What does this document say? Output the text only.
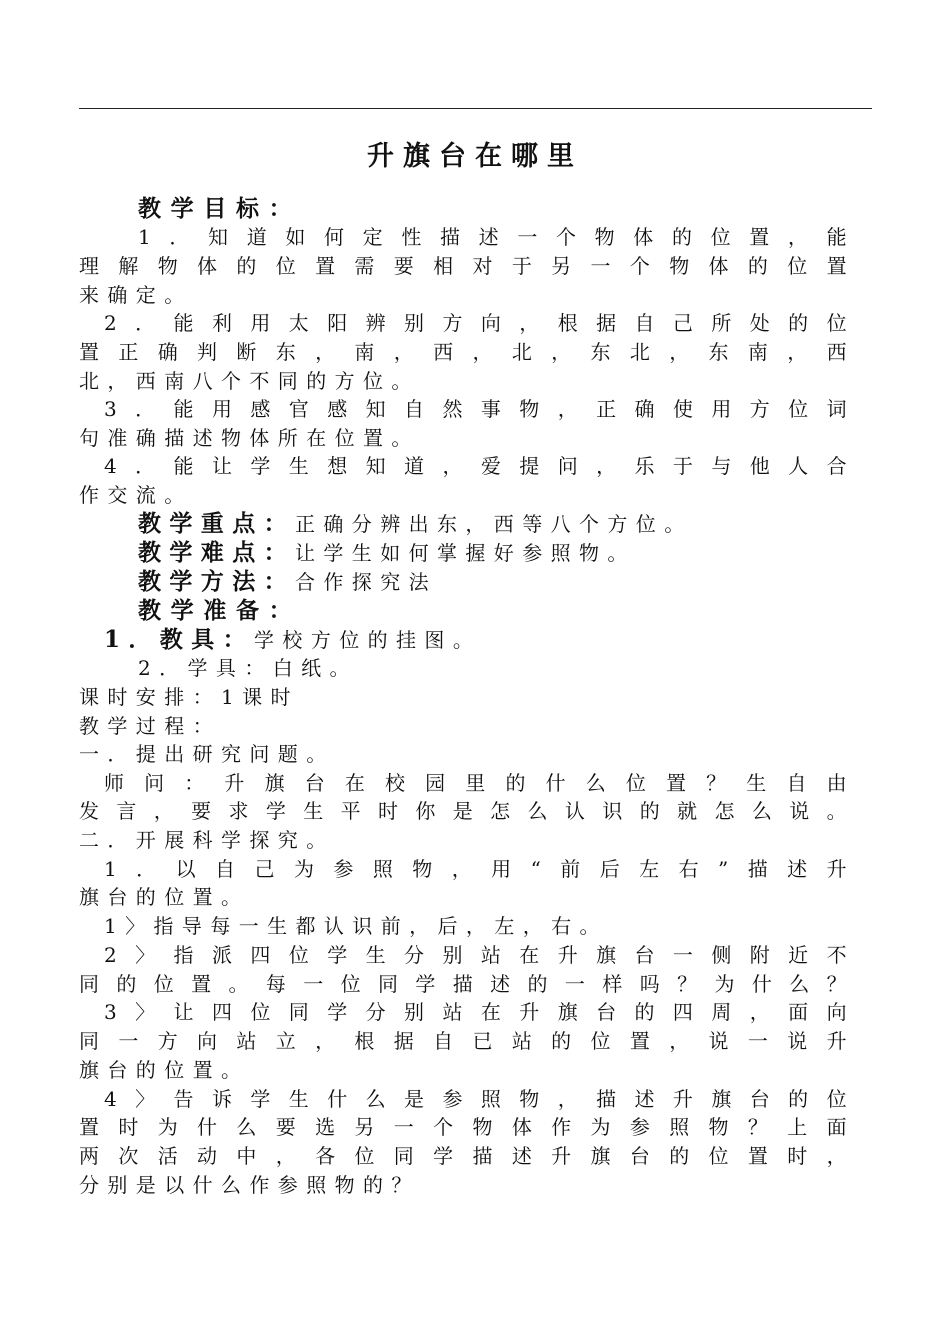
升旗台在哪里
教学目标：
1．知道如何定性描述一个物体的位置，能
理解物体的位置需要相对于另一个物体的位置
来确定。
2．能利用太阳辨别方向，根据自己所处的位
置正确判断东，南，西，北，东北，东南，西
北，西南八个不同的方位。
3．能用感官感知自然事物，正确使用方位词
句准确描述物体所在位置。
4．能让学生想知道，爱提问，乐于与他人合
作交流。
教学重点：正确分辨出东，西等八个方位。
教学难点：让学生如何掌握好参照物。
教学方法：合作探究法
教学准备：
1．教具：学校方位的挂图。
2．学具：白纸。
课时安排：1课时
教学过程：
一．提出研究问题。
师问：升旗台在校园里的什么位置？生自由
发言，要求学生平时你是怎么认识的就怎么说。
二．开展科学探究。
1．以自己为参照物，用“前后左右”描述升
旗台的位置。
1〉指导每一生都认识前，后，左，右。
2〉指派四位学生分别站在升旗台一侧附近不
同的位置。每一位同学描述的一样吗？为什么？
3〉让四位同学分别站在升旗台的四周，面向
同一方向站立，根据自已站的位置，说一说升
旗台的位置。
4〉告诉学生什么是参照物，描述升旗台的位
置时为什么要选另一个物体作为参照物？上面
两次活动中，各位同学描述升旗台的位置时，
分别是以什么作参照物的？
